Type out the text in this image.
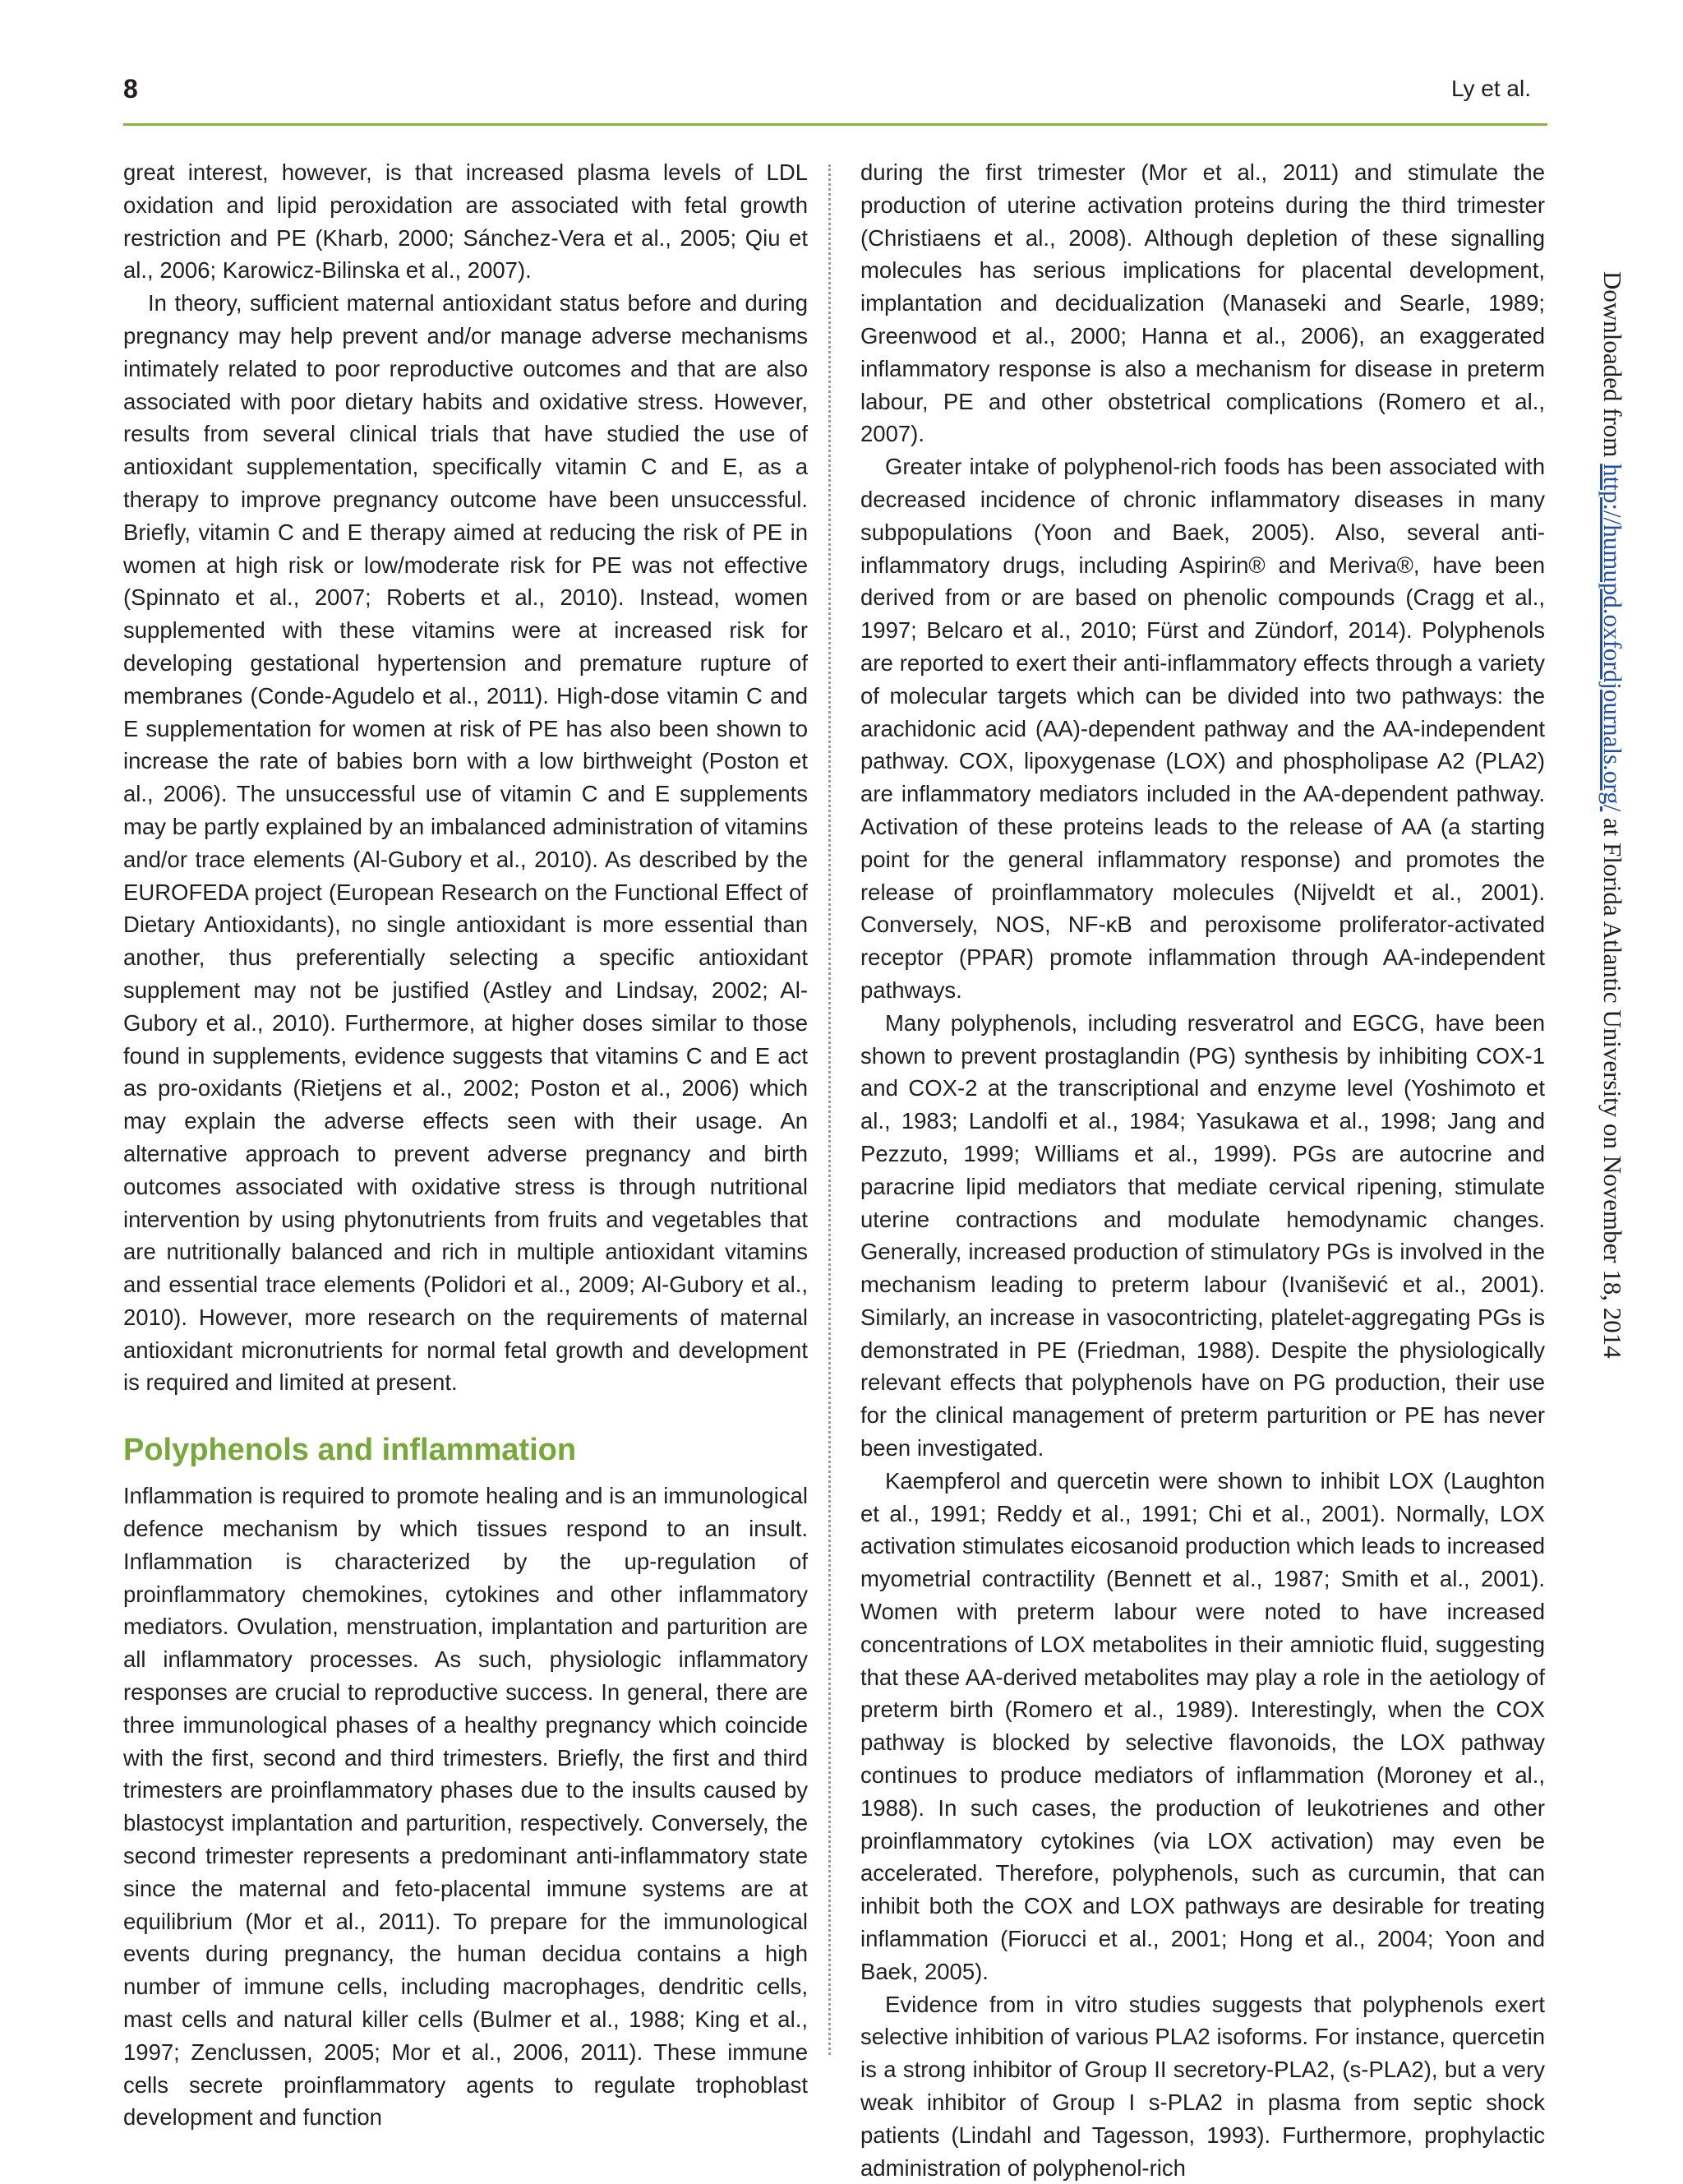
8	Ly et al.

great interest, however, is that increased plasma levels of LDL oxidation and lipid peroxidation are associated with fetal growth restriction and PE (Kharb, 2000; Sánchez-Vera et al., 2005; Qiu et al., 2006; Karowicz-Bilinska et al., 2007).

In theory, sufficient maternal antioxidant status before and during pregnancy may help prevent and/or manage adverse mechanisms intimately related to poor reproductive outcomes and that are also associated with poor dietary habits and oxidative stress. However, results from several clinical trials that have studied the use of antioxidant supplementation, specifically vitamin C and E, as a therapy to improve pregnancy outcome have been unsuccessful. Briefly, vitamin C and E therapy aimed at reducing the risk of PE in women at high risk or low/moderate risk for PE was not effective (Spinnato et al., 2007; Roberts et al., 2010). Instead, women supplemented with these vitamins were at increased risk for developing gestational hypertension and premature rupture of membranes (Conde-Agudelo et al., 2011). High-dose vitamin C and E supplementation for women at risk of PE has also been shown to increase the rate of babies born with a low birthweight (Poston et al., 2006). The unsuccessful use of vitamin C and E supplements may be partly explained by an imbalanced administration of vitamins and/or trace elements (Al-Gubory et al., 2010). As described by the EUROFEDA project (European Research on the Functional Effect of Dietary Antioxidants), no single antioxidant is more essential than another, thus preferentially selecting a specific antioxidant supplement may not be justified (Astley and Lindsay, 2002; Al-Gubory et al., 2010). Furthermore, at higher doses similar to those found in supplements, evidence suggests that vitamins C and E act as pro-oxidants (Rietjens et al., 2002; Poston et al., 2006) which may explain the adverse effects seen with their usage. An alternative approach to prevent adverse pregnancy and birth outcomes associated with oxidative stress is through nutritional intervention by using phytonutrients from fruits and vegetables that are nutritionally balanced and rich in multiple antioxidant vitamins and essential trace elements (Polidori et al., 2009; Al-Gubory et al., 2010). However, more research on the requirements of maternal antioxidant micronutrients for normal fetal growth and development is required and limited at present.

Polyphenols and inflammation

Inflammation is required to promote healing and is an immunological defence mechanism by which tissues respond to an insult. Inflammation is characterized by the up-regulation of proinflammatory chemokines, cytokines and other inflammatory mediators. Ovulation, menstruation, implantation and parturition are all inflammatory processes. As such, physiologic inflammatory responses are crucial to reproductive success. In general, there are three immunological phases of a healthy pregnancy which coincide with the first, second and third trimesters. Briefly, the first and third trimesters are proinflammatory phases due to the insults caused by blastocyst implantation and parturition, respectively. Conversely, the second trimester represents a predominant anti-inflammatory state since the maternal and feto-placental immune systems are at equilibrium (Mor et al., 2011). To prepare for the immunological events during pregnancy, the human decidua contains a high number of immune cells, including macrophages, dendritic cells, mast cells and natural killer cells (Bulmer et al., 1988; King et al., 1997; Zenclussen, 2005; Mor et al., 2006, 2011). These immune cells secrete proinflammatory agents to regulate trophoblast development and function

during the first trimester (Mor et al., 2011) and stimulate the production of uterine activation proteins during the third trimester (Christiaens et al., 2008). Although depletion of these signalling molecules has serious implications for placental development, implantation and decidualization (Manaseki and Searle, 1989; Greenwood et al., 2000; Hanna et al., 2006), an exaggerated inflammatory response is also a mechanism for disease in preterm labour, PE and other obstetrical complications (Romero et al., 2007).

Greater intake of polyphenol-rich foods has been associated with decreased incidence of chronic inflammatory diseases in many subpopulations (Yoon and Baek, 2005). Also, several anti-inflammatory drugs, including Aspirin® and Meriva®, have been derived from or are based on phenolic compounds (Cragg et al., 1997; Belcaro et al., 2010; Fürst and Zündorf, 2014). Polyphenols are reported to exert their anti-inflammatory effects through a variety of molecular targets which can be divided into two pathways: the arachidonic acid (AA)-dependent pathway and the AA-independent pathway. COX, lipoxygenase (LOX) and phospholipase A2 (PLA2) are inflammatory mediators included in the AA-dependent pathway. Activation of these proteins leads to the release of AA (a starting point for the general inflammatory response) and promotes the release of proinflammatory molecules (Nijveldt et al., 2001). Conversely, NOS, NF-κB and peroxisome proliferator-activated receptor (PPAR) promote inflammation through AA-independent pathways.

Many polyphenols, including resveratrol and EGCG, have been shown to prevent prostaglandin (PG) synthesis by inhibiting COX-1 and COX-2 at the transcriptional and enzyme level (Yoshimoto et al., 1983; Landolfi et al., 1984; Yasukawa et al., 1998; Jang and Pezzuto, 1999; Williams et al., 1999). PGs are autocrine and paracrine lipid mediators that mediate cervical ripening, stimulate uterine contractions and modulate hemodynamic changes. Generally, increased production of stimulatory PGs is involved in the mechanism leading to preterm labour (Ivanišević et al., 2001). Similarly, an increase in vasocontricting, platelet-aggregating PGs is demonstrated in PE (Friedman, 1988). Despite the physiologically relevant effects that polyphenols have on PG production, their use for the clinical management of preterm parturition or PE has never been investigated.

Kaempferol and quercetin were shown to inhibit LOX (Laughton et al., 1991; Reddy et al., 1991; Chi et al., 2001). Normally, LOX activation stimulates eicosanoid production which leads to increased myometrial contractility (Bennett et al., 1987; Smith et al., 2001). Women with preterm labour were noted to have increased concentrations of LOX metabolites in their amniotic fluid, suggesting that these AA-derived metabolites may play a role in the aetiology of preterm birth (Romero et al., 1989). Interestingly, when the COX pathway is blocked by selective flavonoids, the LOX pathway continues to produce mediators of inflammation (Moroney et al., 1988). In such cases, the production of leukotrienes and other proinflammatory cytokines (via LOX activation) may even be accelerated. Therefore, polyphenols, such as curcumin, that can inhibit both the COX and LOX pathways are desirable for treating inflammation (Fiorucci et al., 2001; Hong et al., 2004; Yoon and Baek, 2005).

Evidence from in vitro studies suggests that polyphenols exert selective inhibition of various PLA2 isoforms. For instance, quercetin is a strong inhibitor of Group II secretory-PLA2, (s-PLA2), but a very weak inhibitor of Group I s-PLA2 in plasma from septic shock patients (Lindahl and Tagesson, 1993). Furthermore, prophylactic administration of polyphenol-rich

Downloaded from http://humupd.oxfordjournals.org/ at Florida Atlantic University on November 18, 2014
